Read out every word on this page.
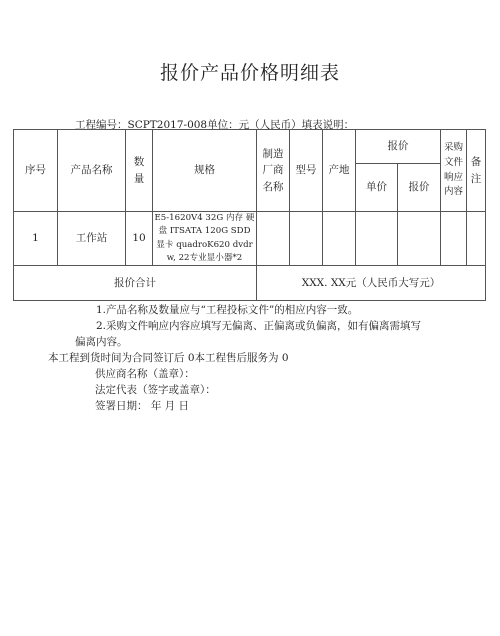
报价产品价格明细表
工程编号：SCPT2017-008单位：元（人民币）填表说明：
序号	产品名称	数量	规格	制造厂商名称	型号	产地	报价		采购文件响应内容	备注
							单价	报价		
1	工作站	10	E5-1620V4 32G 内存 硬盘 ITSATA 120G SDD 显卡 quadroK620 dvdrw, 22专业显小器*2							
报价合计				XXX. XX元（人民币大写元）						
1.产品名称及数量应与“工程投标文件”的相应内容一致。
2.采购文件响应内容应填写无偏离、正偏离或负偏离，如有偏离需填写偏离内容。
本工程到货时间为合同签订后 0本工程售后服务为 0
供应商名称（盖章）：
法定代表（签字或盖章）：
签署日期： 年 月 日
